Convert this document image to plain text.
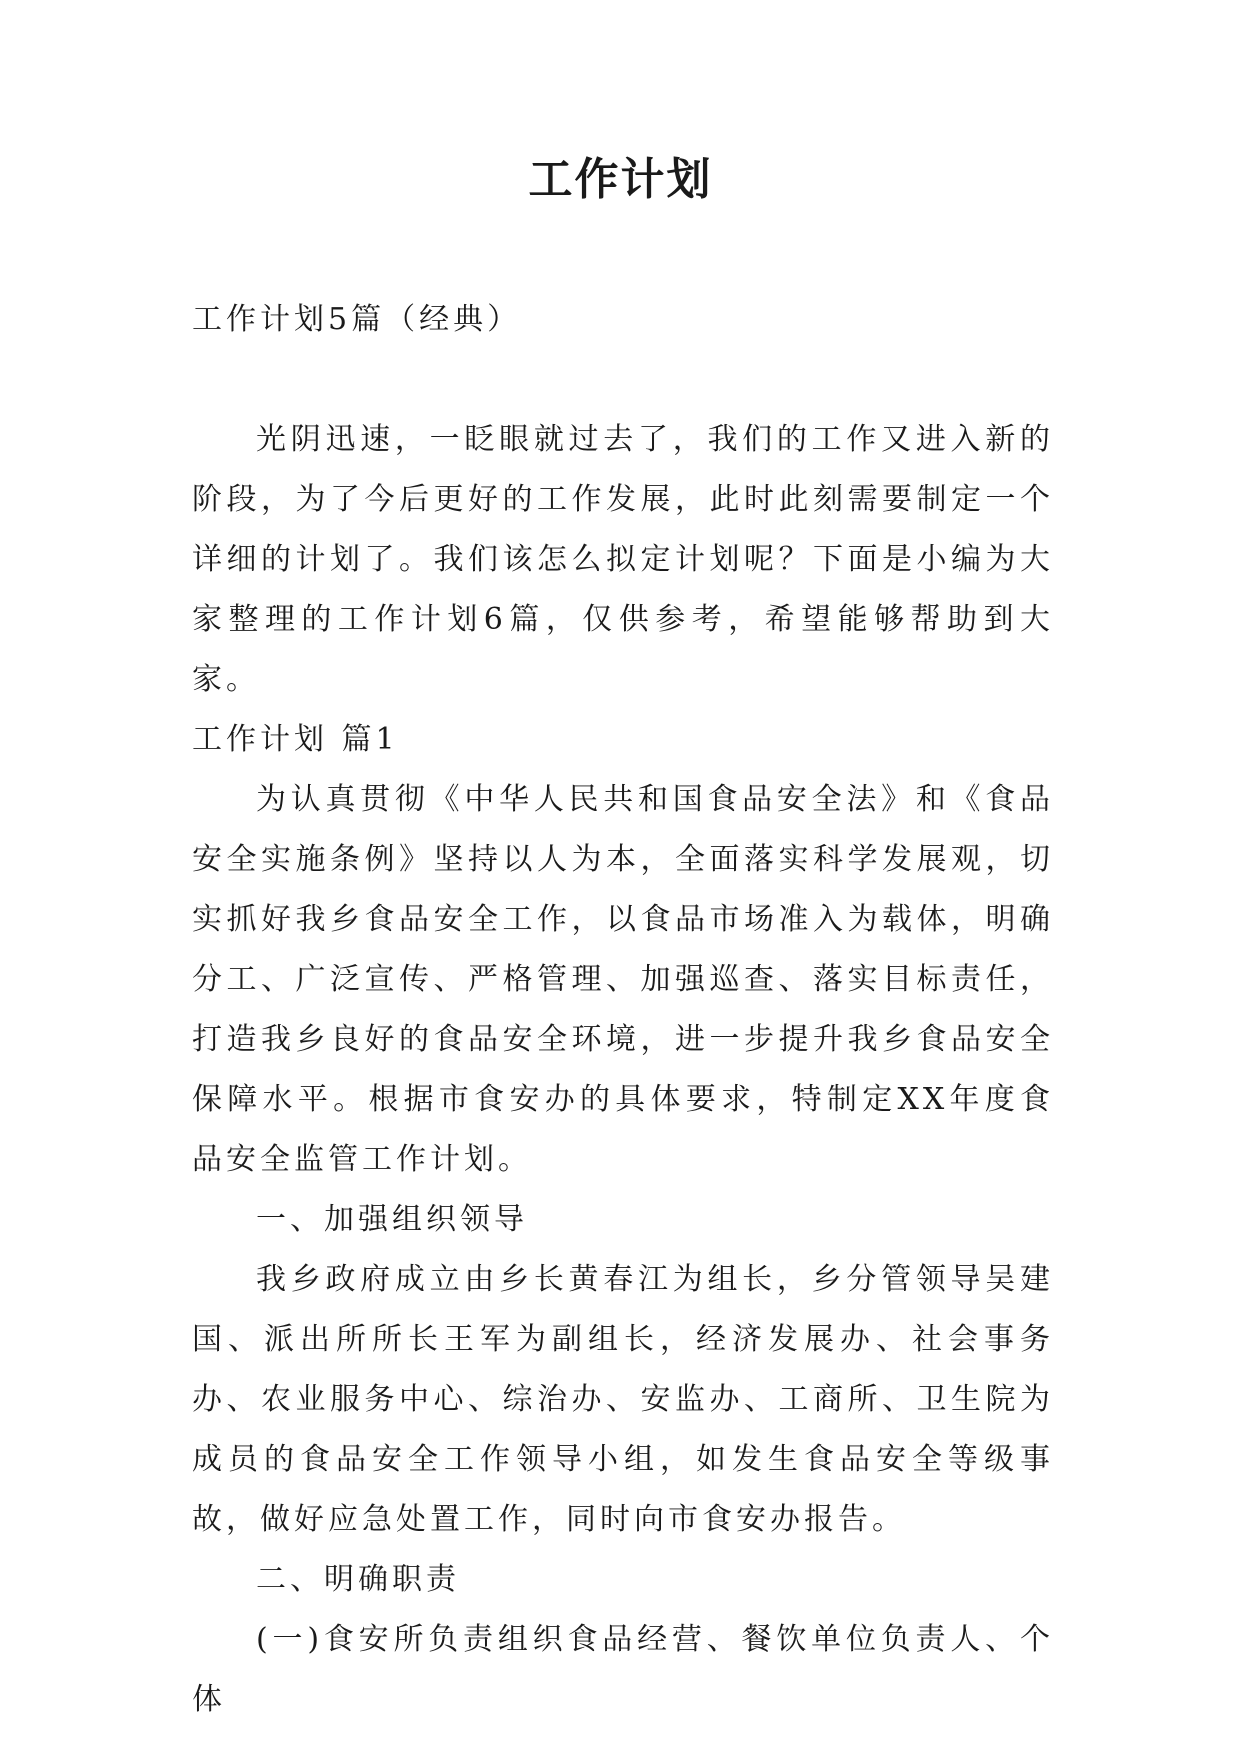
工作计划

工作计划5篇（经典）

光阴迅速，一眨眼就过去了，我们的工作又进入新的阶段，为了今后更好的工作发展，此时此刻需要制定一个详细的计划了。我们该怎么拟定计划呢？下面是小编为大家整理的工作计划6篇，仅供参考，希望能够帮助到大家。

工作计划 篇1

为认真贯彻《中华人民共和国食品安全法》和《食品安全实施条例》坚持以人为本，全面落实科学发展观，切实抓好我乡食品安全工作，以食品市场准入为载体，明确分工、广泛宣传、严格管理、加强巡查、落实目标责任，打造我乡良好的食品安全环境，进一步提升我乡食品安全保障水平。根据市食安办的具体要求，特制定XX年度食品安全监管工作计划。

一、加强组织领导

我乡政府成立由乡长黄春江为组长，乡分管领导吴建国、派出所所长王军为副组长，经济发展办、社会事务办、农业服务中心、综治办、安监办、工商所、卫生院为成员的食品安全工作领导小组，如发生食品安全等级事故，做好应急处置工作，同时向市食安办报告。

二、明确职责

(一)食安所负责组织食品经营、餐饮单位负责人、个体
